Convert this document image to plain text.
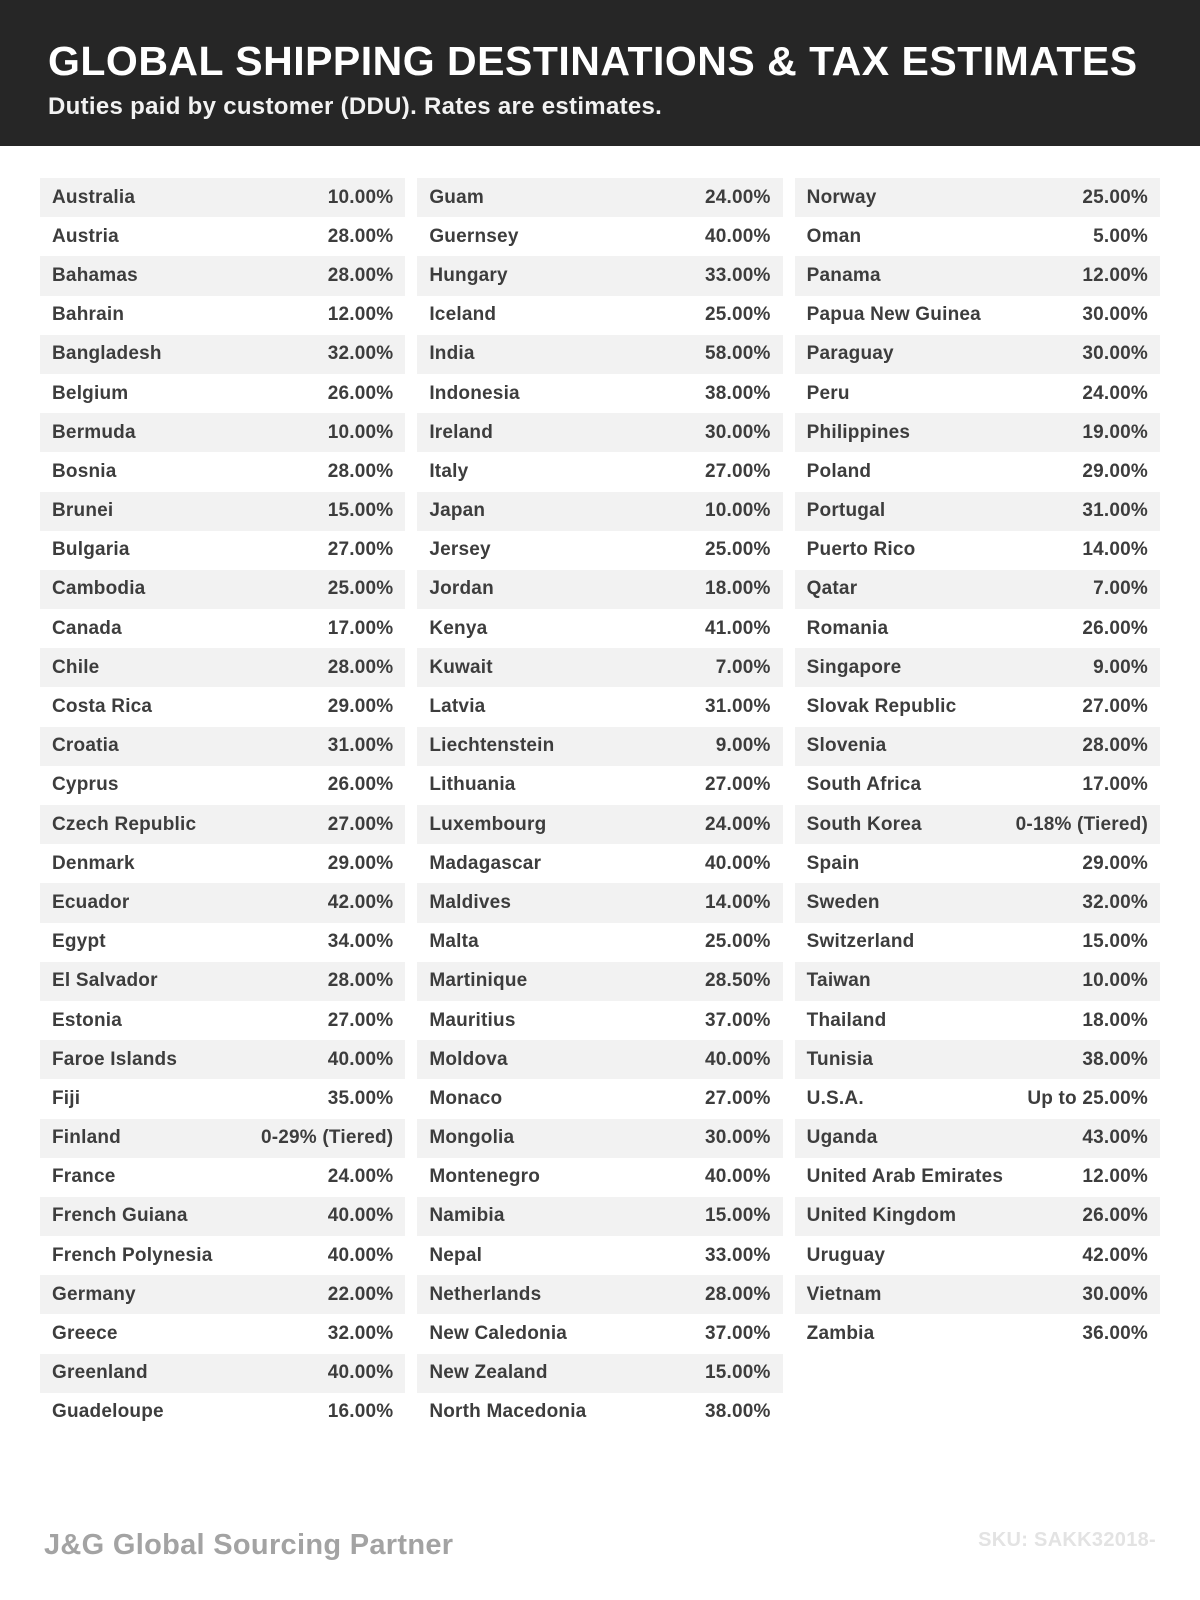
GLOBAL SHIPPING DESTINATIONS & TAX ESTIMATES
Duties paid by customer (DDU). Rates are estimates.
Australia	10.00%
Austria	28.00%
Bahamas	28.00%
Bahrain	12.00%
Bangladesh	32.00%
Belgium	26.00%
Bermuda	10.00%
Bosnia	28.00%
Brunei	15.00%
Bulgaria	27.00%
Cambodia	25.00%
Canada	17.00%
Chile	28.00%
Costa Rica	29.00%
Croatia	31.00%
Cyprus	26.00%
Czech Republic	27.00%
Denmark	29.00%
Ecuador	42.00%
Egypt	34.00%
El Salvador	28.00%
Estonia	27.00%
Faroe Islands	40.00%
Fiji	35.00%
Finland	0-29% (Tiered)
France	24.00%
French Guiana	40.00%
French Polynesia	40.00%
Germany	22.00%
Greece	32.00%
Greenland	40.00%
Guadeloupe	16.00%
Guam	24.00%
Guernsey	40.00%
Hungary	33.00%
Iceland	25.00%
India	58.00%
Indonesia	38.00%
Ireland	30.00%
Italy	27.00%
Japan	10.00%
Jersey	25.00%
Jordan	18.00%
Kenya	41.00%
Kuwait	7.00%
Latvia	31.00%
Liechtenstein	9.00%
Lithuania	27.00%
Luxembourg	24.00%
Madagascar	40.00%
Maldives	14.00%
Malta	25.00%
Martinique	28.50%
Mauritius	37.00%
Moldova	40.00%
Monaco	27.00%
Mongolia	30.00%
Montenegro	40.00%
Namibia	15.00%
Nepal	33.00%
Netherlands	28.00%
New Caledonia	37.00%
New Zealand	15.00%
North Macedonia	38.00%
Norway	25.00%
Oman	5.00%
Panama	12.00%
Papua New Guinea	30.00%
Paraguay	30.00%
Peru	24.00%
Philippines	19.00%
Poland	29.00%
Portugal	31.00%
Puerto Rico	14.00%
Qatar	7.00%
Romania	26.00%
Singapore	9.00%
Slovak Republic	27.00%
Slovenia	28.00%
South Africa	17.00%
South Korea	0-18% (Tiered)
Spain	29.00%
Sweden	32.00%
Switzerland	15.00%
Taiwan	10.00%
Thailand	18.00%
Tunisia	38.00%
U.S.A.	Up to 25.00%
Uganda	43.00%
United Arab Emirates	12.00%
United Kingdom	26.00%
Uruguay	42.00%
Vietnam	30.00%
Zambia	36.00%
J&G Global Sourcing Partner	SKU: SAKK32018-
